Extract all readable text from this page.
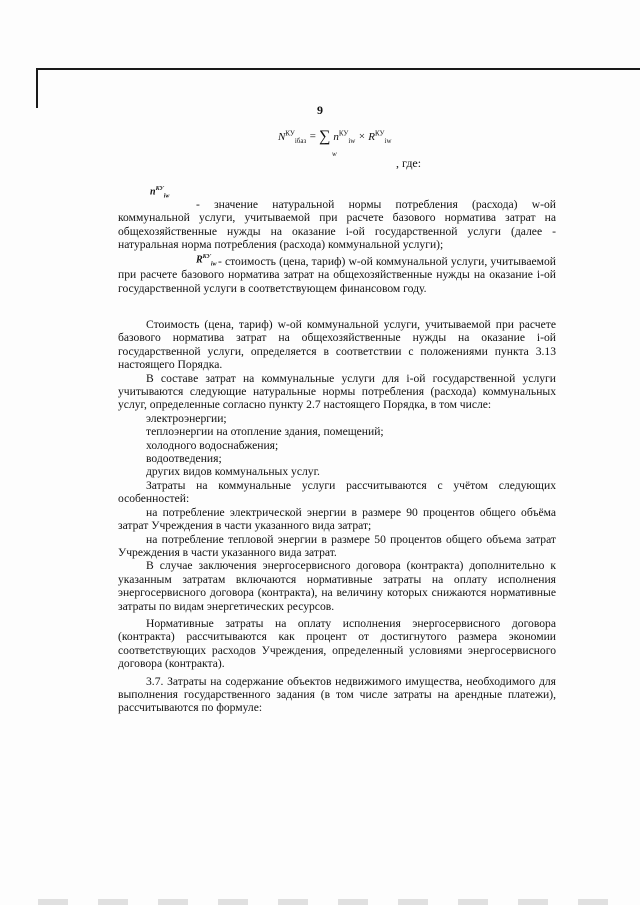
9
$N^{КУ}_{iбаз}$ = ∑
w
$n^{КУ}_{iw} \times R^{КУ}_{iw}$
, где:
$n^{КУ}_{iw}$
$R^{КУ}_{iw}$

- значение натуральной нормы потребления (расхода) w-ой коммунальной услуги, учитываемой при расчете базового норматива затрат на общехозяйственные нужды на оказание i-ой государственной услуги (далее - натуральная норма потребления (расхода) коммунальной услуги);

- стоимость (цена, тариф) w-ой коммунальной услуги, учитываемой при расчете базового норматива затрат на общехозяйственные нужды на оказание i-ой государственной услуги в соответствующем финансовом году.

Стоимость (цена, тариф) w-ой коммунальной услуги, учитываемой при расчете базового норматива затрат на общехозяйственные нужды на оказание i-ой государственной услуги, определяется в соответствии с положениями пункта 3.13 настоящего Порядка.

В составе затрат на коммунальные услуги для i-ой государственной услуги учитываются следующие натуральные нормы потребления (расхода) коммунальных услуг, определенные согласно пункту 2.7 настоящего Порядка, в том числе:

электроэнергии;

теплоэнергии на отопление здания, помещений;

холодного водоснабжения;

водоотведения;

других видов коммунальных услуг.

Затраты на коммунальные услуги рассчитываются с учётом следующих особенностей:

на потребление электрической энергии в размере 90 процентов общего объёма затрат Учреждения в части указанного вида затрат;

на потребление тепловой энергии в размере 50 процентов общего объема затрат Учреждения в части указанного вида затрат.

В случае заключения энергосервисного договора (контракта) дополнительно к указанным затратам включаются нормативные затраты на оплату исполнения энергосервисного договора (контракта), на величину которых снижаются нормативные затраты по видам энергетических ресурсов.

Нормативные затраты на оплату исполнения энергосервисного договора (контракта) рассчитываются как процент от достигнутого размера экономии соответствующих расходов Учреждения, определенный условиями энергосервисного договора (контракта).

3.7. Затраты на содержание объектов недвижимого имущества, необходимого для выполнения государственного задания (в том числе затраты на арендные платежи), рассчитываются по формуле:
